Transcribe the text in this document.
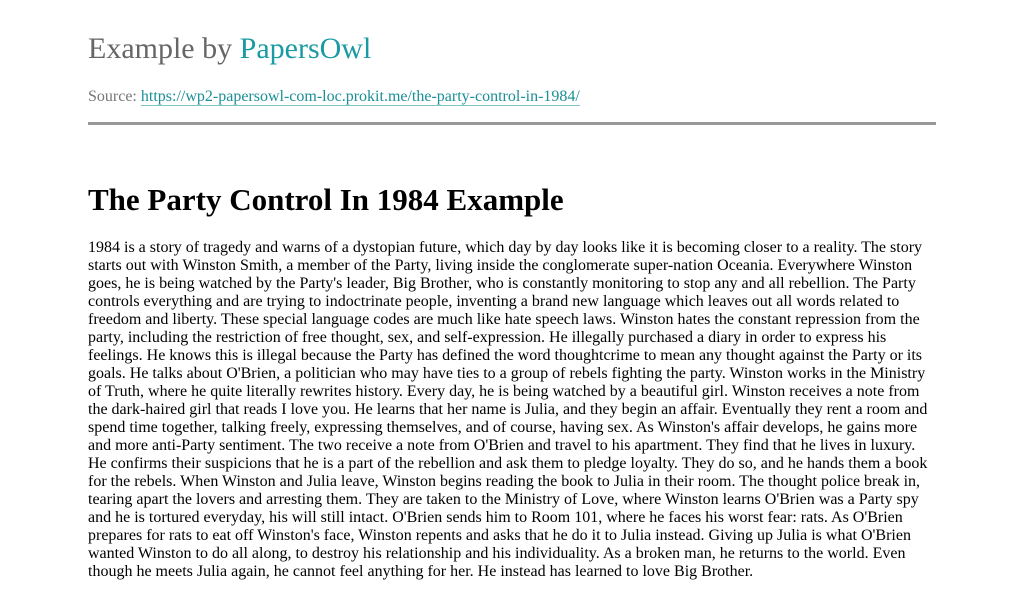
Example by PapersOwl
Source: https://wp2-papersowl-com-loc.prokit.me/the-party-control-in-1984/
The Party Control In 1984 Example

1984 is a story of tragedy and warns of a dystopian future, which day by day looks like it is becoming closer to a reality. The story starts out with Winston Smith, a member of the Party, living inside the conglomerate super-nation Oceania. Everywhere Winston goes, he is being watched by the Party's leader, Big Brother, who is constantly monitoring to stop any and all rebellion. The Party controls everything and are trying to indoctrinate people, inventing a brand new language which leaves out all words related to freedom and liberty. These special language codes are much like hate speech laws. Winston hates the constant repression from the party, including the restriction of free thought, sex, and self-expression. He illegally purchased a diary in order to express his feelings. He knows this is illegal because the Party has defined the word thoughtcrime to mean any thought against the Party or its goals. He talks about O'Brien, a politician who may have ties to a group of rebels fighting the party. Winston works in the Ministry of Truth, where he quite literally rewrites history. Every day, he is being watched by a beautiful girl. Winston receives a note from the dark-haired girl that reads I love you. He learns that her name is Julia, and they begin an affair. Eventually they rent a room and spend time together, talking freely, expressing themselves, and of course, having sex. As Winston's affair develops, he gains more and more anti-Party sentiment. The two receive a note from O'Brien and travel to his apartment. They find that he lives in luxury. He confirms their suspicions that he is a part of the rebellion and ask them to pledge loyalty. They do so, and he hands them a book for the rebels. When Winston and Julia leave, Winston begins reading the book to Julia in their room. The thought police break in, tearing apart the lovers and arresting them. They are taken to the Ministry of Love, where Winston learns O'Brien was a Party spy and he is tortured everyday, his will still intact. O'Brien sends him to Room 101, where he faces his worst fear: rats. As O'Brien prepares for rats to eat off Winston's face, Winston repents and asks that he do it to Julia instead. Giving up Julia is what O'Brien wanted Winston to do all along, to destroy his relationship and his individuality. As a broken man, he returns to the world. Even though he meets Julia again, he cannot feel anything for her. He instead has learned to love Big Brother.
